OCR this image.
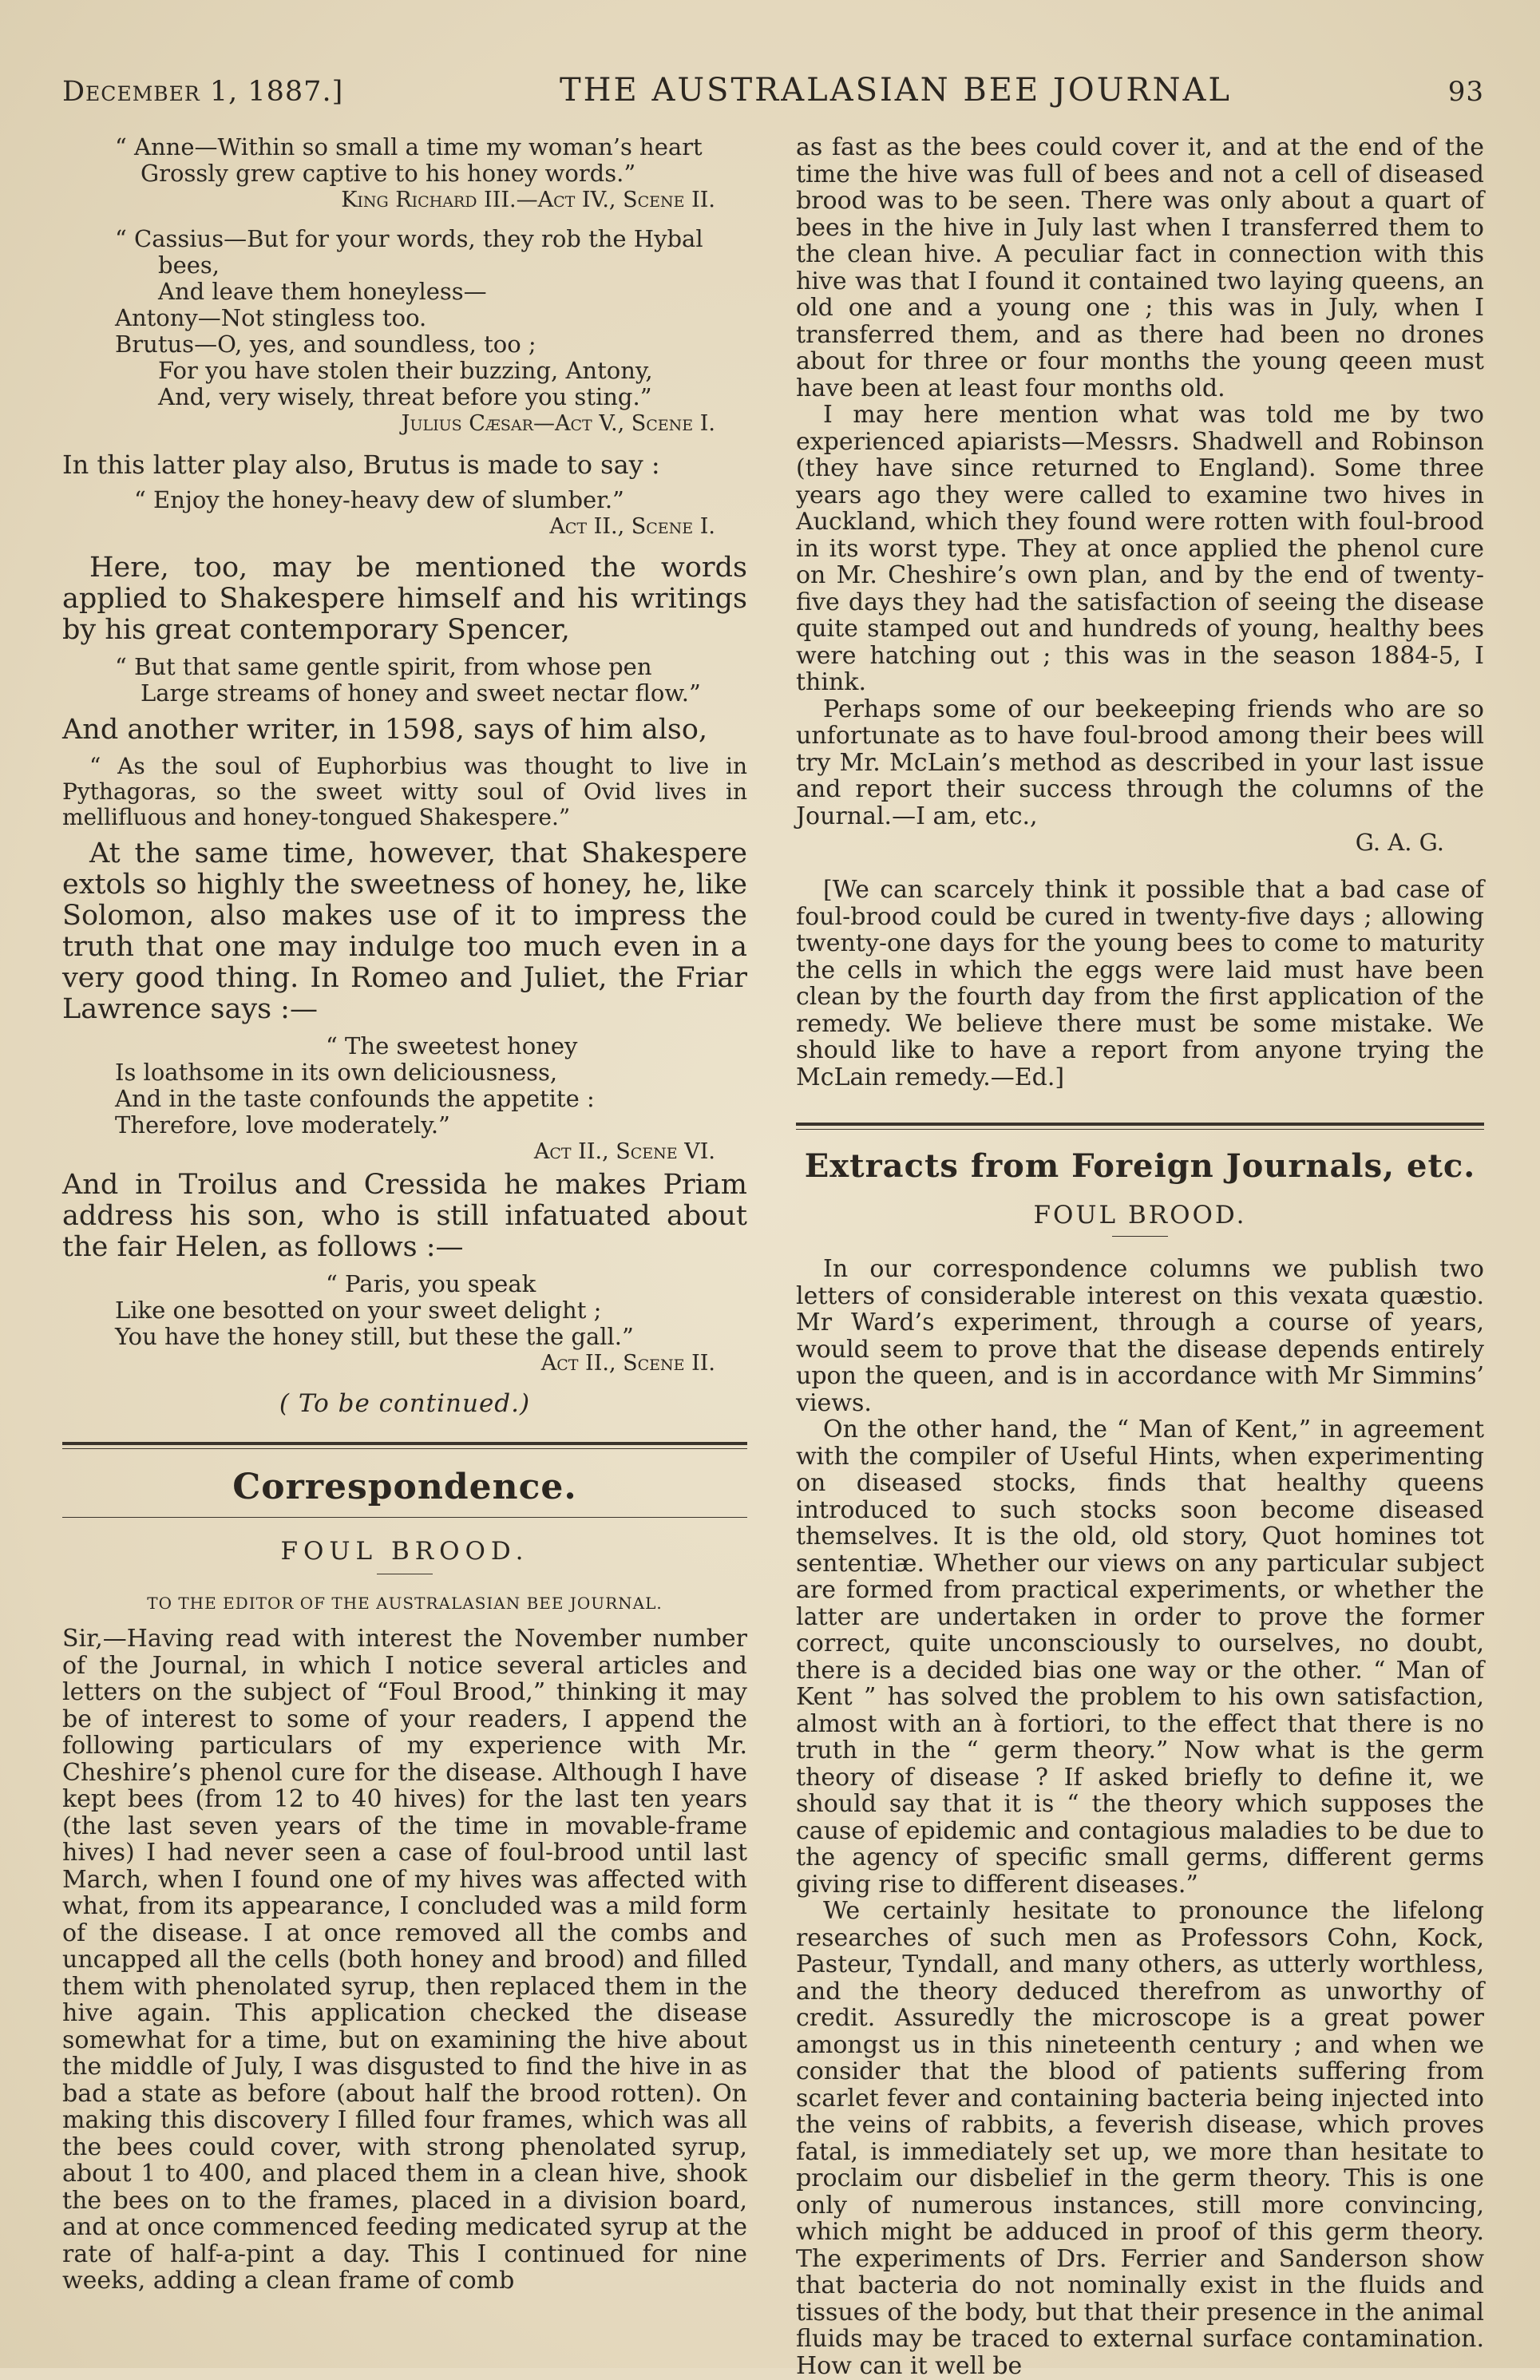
December 1, 1887.]	THE AUSTRALASIAN BEE JOURNAL	93

“ Anne—Within so small a time my woman’s heart

Grossly grew captive to his honey words.”

King Richard III.—Act IV., Scene II.

“ Cassius—But for your words, they rob the Hybal

bees,

And leave them honeyless—

Antony—Not stingless too.

Brutus—O, yes, and soundless, too ;

For you have stolen their buzzing, Antony,

And, very wisely, threat before you sting.”

Julius Cæsar—Act V., Scene I.

In this latter play also, Brutus is made to say :

“ Enjoy the honey-heavy dew of slumber.”

Act II., Scene I.

Here, too, may be mentioned the words applied to Shakespere himself and his writings by his great contemporary Spencer,

“ But that same gentle spirit, from whose pen

Large streams of honey and sweet nectar flow.”

And another writer, in 1598, says of him also,

“ As the soul of Euphorbius was thought to live in Pythagoras, so the sweet witty soul of Ovid lives in mellifluous and honey-tongued Shakespere.”

At the same time, however, that Shakespere extols so highly the sweetness of honey, he, like Solomon, also makes use of it to impress the truth that one may indulge too much even in a very good thing. In Romeo and Juliet, the Friar Lawrence says :—

“ The sweetest honey

Is loathsome in its own deliciousness,

And in the taste confounds the appetite :

Therefore, love moderately.”

Act II., Scene VI.

And in Troilus and Cressida he makes Priam address his son, who is still infatuated about the fair Helen, as follows :—

“ Paris, you speak

Like one besotted on your sweet delight ;

You have the honey still, but these the gall.”

Act II., Scene II.

( To be continued.)

Correspondence.
FOUL BROOD.
TO THE EDITOR OF THE AUSTRALASIAN BEE JOURNAL.

Sir,—Having read with interest the November number of the Journal, in which I notice several articles and letters on the subject of “Foul Brood,” thinking it may be of interest to some of your readers, I append the following particulars of my experience with Mr. Cheshire’s phenol cure for the disease. Although I have kept bees (from 12 to 40 hives) for the last ten years (the last seven years of the time in movable-frame hives) I had never seen a case of foul-brood until last March, when I found one of my hives was affected with what, from its appearance, I concluded was a mild form of the disease. I at once removed all the combs and uncapped all the cells (both honey and brood) and filled them with phenolated syrup, then replaced them in the hive again. This application checked the disease somewhat for a time, but on examining the hive about the middle of July, I was disgusted to find the hive in as bad a state as before (about half the brood rotten). On making this discovery I filled four frames, which was all the bees could cover, with strong phenolated syrup, about 1 to 400, and placed them in a clean hive, shook the bees on to the frames, placed in a division board, and at once commenced feeding medicated syrup at the rate of half-a-pint a day. This I continued for nine weeks, adding a clean frame of comb

as fast as the bees could cover it, and at the end of the time the hive was full of bees and not a cell of diseased brood was to be seen. There was only about a quart of bees in the hive in July last when I transferred them to the clean hive. A peculiar fact in connection with this hive was that I found it contained two laying queens, an old one and a young one ; this was in July, when I transferred them, and as there had been no drones about for three or four months the young qeeen must have been at least four months old.

I may here mention what was told me by two experienced apiarists—Messrs. Shadwell and Robinson (they have since returned to England). Some three years ago they were called to examine two hives in Auckland, which they found were rotten with foul-brood in its worst type. They at once applied the phenol cure on Mr. Cheshire’s own plan, and by the end of twenty-five days they had the satisfaction of seeing the disease quite stamped out and hundreds of young, healthy bees were hatching out ; this was in the season 1884-5, I think.

Perhaps some of our beekeeping friends who are so unfortunate as to have foul-brood among their bees will try Mr. McLain’s method as described in your last issue and report their success through the columns of the Journal.—I am, etc.,

G. A. G.

[We can scarcely think it possible that a bad case of foul-brood could be cured in twenty-five days ; allowing twenty-one days for the young bees to come to maturity the cells in which the eggs were laid must have been clean by the fourth day from the first application of the remedy. We believe there must be some mistake. We should like to have a report from anyone trying the McLain remedy.—Ed.]

Extracts from Foreign Journals, etc.
FOUL BROOD.

In our correspondence columns we publish two letters of considerable interest on this vexata quæstio. Mr Ward’s experiment, through a course of years, would seem to prove that the disease depends entirely upon the queen, and is in accordance with Mr Simmins’ views.

On the other hand, the “ Man of Kent,” in agreement with the compiler of Useful Hints, when experimenting on diseased stocks, finds that healthy queens introduced to such stocks soon become diseased themselves. It is the old, old story, Quot homines tot sententiæ. Whether our views on any particular subject are formed from practical experiments, or whether the latter are undertaken in order to prove the former correct, quite unconsciously to ourselves, no doubt, there is a decided bias one way or the other. “ Man of Kent ” has solved the problem to his own satisfaction, almost with an à fortiori, to the effect that there is no truth in the “ germ theory.” Now what is the germ theory of disease ? If asked briefly to define it, we should say that it is “ the theory which supposes the cause of epidemic and contagious maladies to be due to the agency of specific small germs, different germs giving rise to different diseases.”

We certainly hesitate to pronounce the lifelong researches of such men as Professors Cohn, Kock, Pasteur, Tyndall, and many others, as utterly worthless, and the theory deduced therefrom as unworthy of credit. Assuredly the microscope is a great power amongst us in this nineteenth century ; and when we consider that the blood of patients suffering from scarlet fever and containing bacteria being injected into the veins of rabbits, a feverish disease, which proves fatal, is immediately set up, we more than hesitate to proclaim our disbelief in the germ theory. This is one only of numerous instances, still more convincing, which might be adduced in proof of this germ theory. The experiments of Drs. Ferrier and Sanderson show that bacteria do not nominally exist in the fluids and tissues of the body, but that their presence in the animal fluids may be traced to external surface contamination. How can it well be
